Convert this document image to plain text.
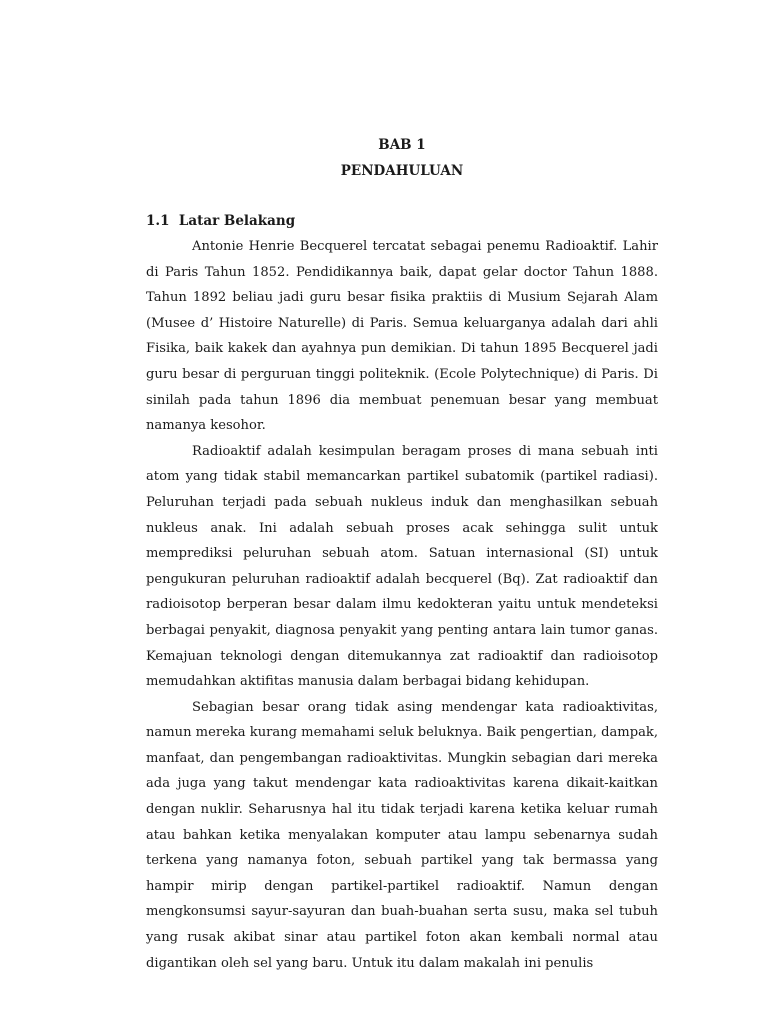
BAB 1
PENDAHULUAN
1.1  Latar Belakang

Antonie Henrie Becquerel tercatat sebagai penemu Radioaktif. Lahir di Paris Tahun 1852. Pendidikannya baik, dapat gelar doctor Tahun 1888. Tahun 1892 beliau jadi guru besar fisika praktiis di Musium Sejarah Alam (Musee d’ Histoire Naturelle) di Paris. Semua keluarganya adalah dari ahli Fisika, baik kakek dan ayahnya pun demikian. Di tahun 1895 Becquerel jadi guru besar di perguruan tinggi politeknik. (Ecole Polytechnique) di Paris. Di sinilah pada tahun 1896 dia membuat penemuan besar yang membuat namanya kesohor.

Radioaktif adalah kesimpulan beragam proses di mana sebuah inti atom yang tidak stabil memancarkan partikel subatomik (partikel radiasi). Peluruhan terjadi pada sebuah nukleus induk dan menghasilkan sebuah nukleus anak. Ini adalah sebuah proses acak sehingga sulit untuk memprediksi peluruhan sebuah atom. Satuan internasional (SI) untuk pengukuran peluruhan radioaktif adalah becquerel (Bq). Zat radioaktif dan radioisotop berperan besar dalam ilmu kedokteran yaitu untuk mendeteksi berbagai penyakit, diagnosa penyakit yang penting antara lain tumor ganas. Kemajuan teknologi dengan ditemukannya zat radioaktif dan radioisotop memudahkan aktifitas manusia dalam berbagai bidang kehidupan.

Sebagian besar orang tidak asing mendengar kata radioaktivitas, namun mereka kurang memahami seluk beluknya. Baik pengertian, dampak, manfaat, dan pengembangan radioaktivitas. Mungkin sebagian dari mereka ada juga yang takut mendengar kata radioaktivitas karena dikait-kaitkan dengan nuklir. Seharusnya hal itu tidak terjadi karena ketika keluar rumah atau bahkan ketika menyalakan komputer atau lampu sebenarnya sudah terkena yang namanya foton, sebuah partikel yang tak bermassa yang hampir mirip dengan partikel-partikel radioaktif. Namun dengan mengkonsumsi sayur-sayuran dan buah-buahan serta susu, maka sel tubuh yang rusak akibat sinar atau partikel foton akan kembali normal atau digantikan oleh sel yang baru. Untuk itu dalam makalah ini penulis
